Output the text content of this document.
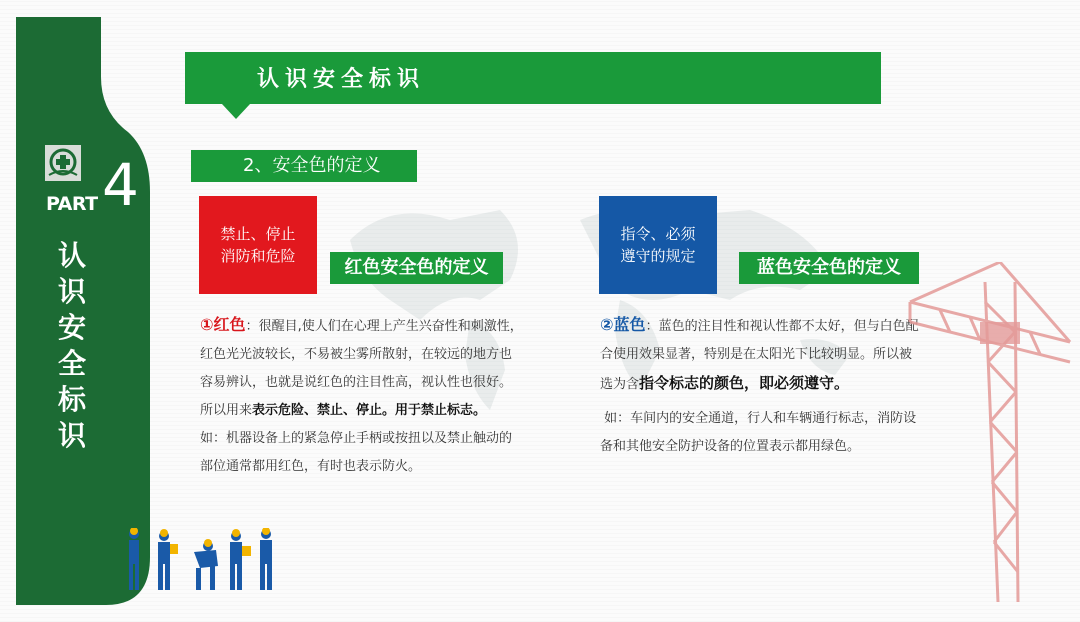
PART 4
认识安全标识
认识安全标识
2、安全色的定义
禁止、停止
消防和危险
红色安全色的定义
①红色：很醒目,使人们在心理上产生兴奋性和刺激性，
红色光光波较长，不易被尘雾所散射，在较远的地方也
容易辨认，也就是说红色的注目性高，视认性也很好。
所以用来表示危险、禁止、停止。用于禁止标志。
如：机器设备上的紧急停止手柄或按扭以及禁止触动的
部位通常都用红色，有时也表示防火。
指令、必须
遵守的规定
蓝色安全色的定义
②蓝色：蓝色的注目性和视认性都不太好，但与白色配
合使用效果显著，特别是在太阳光下比较明显。所以被
选为含指令标志的颜色，即必须遵守。
如：车间内的安全通道，行人和车辆通行标志，消防设
备和其他安全防护设备的位置表示都用绿色。
